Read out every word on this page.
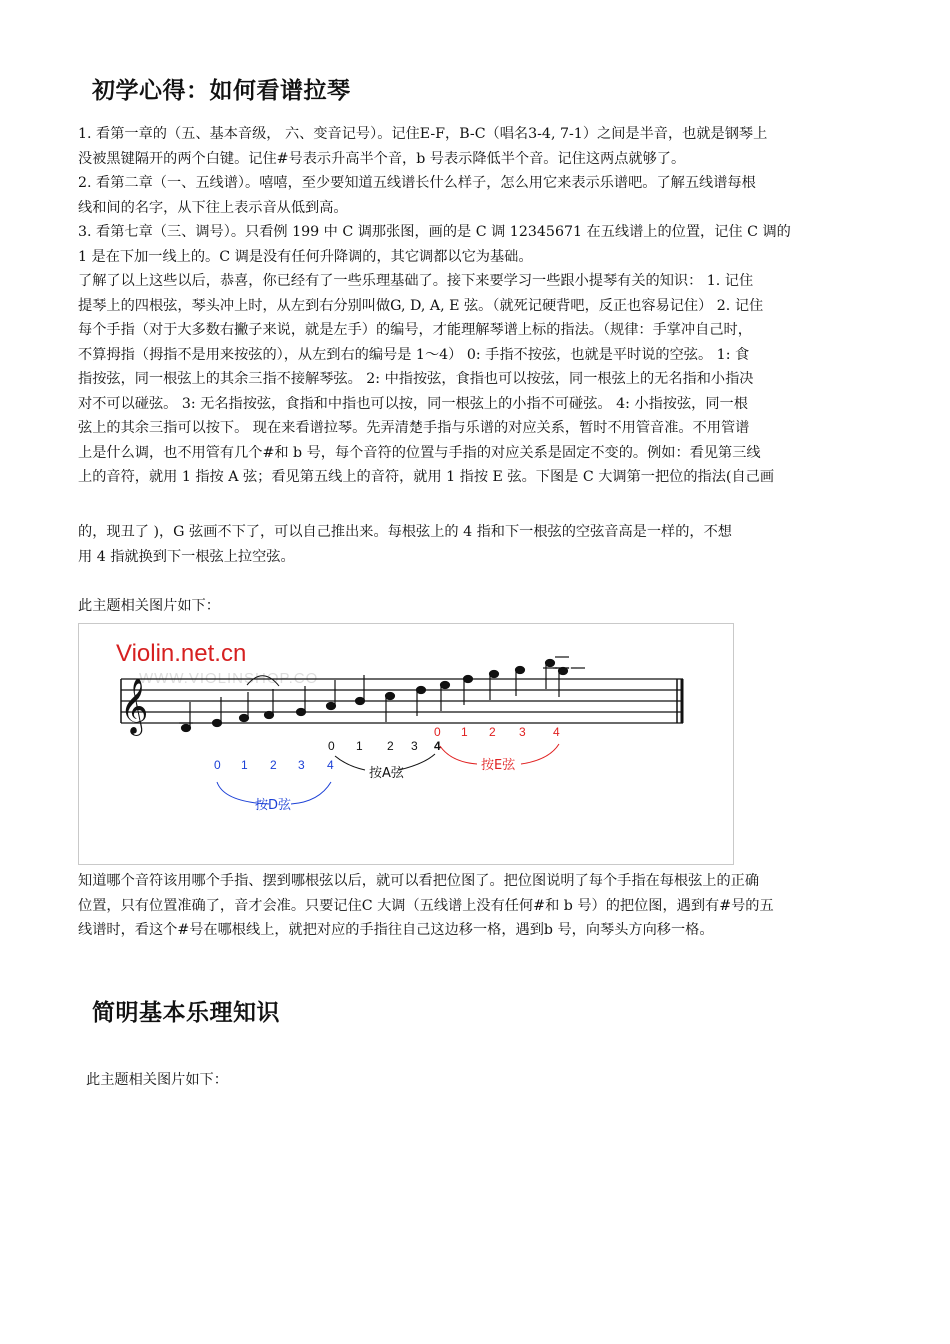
初学心得：如何看谱拉琴
1. 看第一章的（五、基本音级， 六、变音记号）。记住E-F，B-C（唱名3-4, 7-1）之间是半音，也就是钢琴上
没被黑键隔开的两个白键。记住#号表示升高半个音，b 号表示降低半个音。记住这两点就够了。
2. 看第二章（一、五线谱）。嘻嘻，至少要知道五线谱长什么样子，怎么用它来表示乐谱吧。了解五线谱每根
线和间的名字，从下往上表示音从低到高。
3. 看第七章（三、调号）。只看例 199 中 C 调那张图，画的是 C 调 12345671 在五线谱上的位置，记住 C 调的
1 是在下加一线上的。C 调是没有任何升降调的，其它调都以它为基础。
了解了以上这些以后，恭喜，你已经有了一些乐理基础了。接下来要学习一些跟小提琴有关的知识： 1. 记住
提琴上的四根弦，琴头冲上时，从左到右分别叫做G, D, A, E 弦。（就死记硬背吧，反正也容易记住） 2. 记住
每个手指（对于大多数右撇子来说，就是左手）的编号，才能理解琴谱上标的指法。（规律：手掌冲自己时，
不算拇指（拇指不是用来按弦的），从左到右的编号是 1～4） 0: 手指不按弦，也就是平时说的空弦。 1: 食
指按弦，同一根弦上的其余三指不接解琴弦。 2: 中指按弦，食指也可以按弦，同一根弦上的无名指和小指决
对不可以碰弦。 3: 无名指按弦，食指和中指也可以按，同一根弦上的小指不可碰弦。 4: 小指按弦，同一根
弦上的其余三指可以按下。 现在来看谱拉琴。先弄清楚手指与乐谱的对应关系，暂时不用管音准。不用管谱
上是什么调，也不用管有几个#和 b 号，每个音符的位置与手指的对应关系是固定不变的。例如：看见第三线
上的音符，就用 1 指按 A 弦；看见第五线上的音符，就用 1 指按 E 弦。下图是 C 大调第一把位的指法(自己画
的，现丑了 )，G 弦画不下了，可以自己推出来。每根弦上的 4 指和下一根弦的空弦音高是一样的，不想
用 4 指就换到下一根弦上拉空弦。
此主题相关图片如下：
Violin.net.cn
WWW.VIOLINSHOP.CO
𝄞
0 1 2 3 4
按D弦
0 1 2 3 4
按A弦
0 1 2 3 4
按E弦
知道哪个音符该用哪个手指、摆到哪根弦以后，就可以看把位图了。把位图说明了每个手指在每根弦上的正确
位置，只有位置准确了，音才会准。只要记住C 大调（五线谱上没有任何#和 b 号）的把位图，遇到有#号的五
线谱时，看这个#号在哪根线上，就把对应的手指往自己这边移一格，遇到b 号，向琴头方向移一格。
简明基本乐理知识
此主题相关图片如下：
